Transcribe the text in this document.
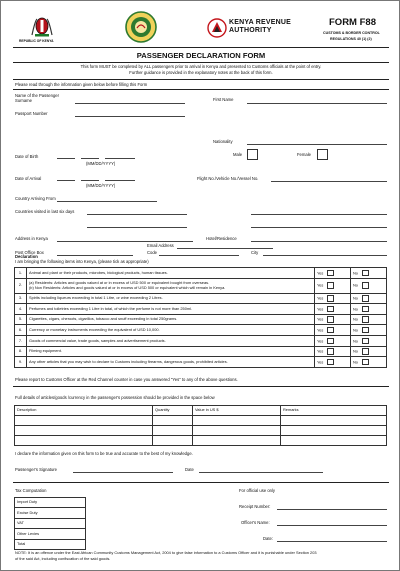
REPUBLIC OF KENYA
KENYA REVENUE
AUTHORITY
FORM F88
CUSTOMS & BORDER CONTROL
REGULATIONS 40 (1) (2)
PASSENGER DECLARATION FORM
This form MUST be completed by ALL passengers prior to arrival in Kenya and presented to Customs officials at the point of entry.
Further guidance is provided in the explanatory notes at the back of this form.
Please read through the information given below before filling this Form
Name of the Passenger
Surname	First Name
Passport Number
Nationality
Date of Birth
(MM/DD/YYYY)
Male	Female
Date of Arrival
(MM/DD/YYYY)
Flight No./Vehicle No./Vessel No.
Country Arriving From
Countries visited in last six days
Address in Kenya	Hotel/Residence
Post Office Box	Code	City
1.	Animal and plant or their products, microbes, biological products, human tissues.	Yes	No
2.	(a) Residents: Articles and goods valued at or in excess of USD 500 or equivalent bought from overseas.
(b) Non Residents: Articles and goods valued at or in excess of USD 500 or equivalent which will remain in Kenya.	Yes	No
3.	Spirits including liqueurs exceeding in total 1 Litre, or wine exceeding 2 Litres.	Yes	No
4.	Perfumes and toiletries exceeding 1 Litre in total, of which the perfume is not more than 250ml.	Yes	No
5.	Cigarettes, cigars, cheroots, cigarillos, tobacco and snuff exceeding in total 250grams.	Yes	No
6.	Currency or monetary instruments exceeding the equivalent of USD 10,000.	Yes	No
7.	Goods of commercial value, trade goods, samples and advertisement products.	Yes	No
8.	Filming equipment.	Yes	No
9.	Any other articles that you may wish to declare to Customs including firearms, dangerous goods, prohibited articles.	Yes	No
Please report to Customs Officer at the Red Channel counter in case you answered "Yes" to any of the above questions.
Full details of articles/goods /currency in the passenger's possession should be provided in the space below
Description	Quantity	Value in US $	Remarks

I declare the information given on this form to be true and accurate to the best of my knowledge.
Passenger's Signature	Date
Tax Computation
Import Duty
Excise Duty
VAT
Other Levies
Total
For official use only
Receipt Number:
Officer's Name:
Date:
NOTE: It is an offence under the East African Community Customs Management Act, 2004 to give false information to a Customs Officer and it is punishable under Section 203
of the said Act, including confiscation of the said goods.
Email Address
Declaration
I am bringing the following items into Kenya, (please tick as appropriate)
